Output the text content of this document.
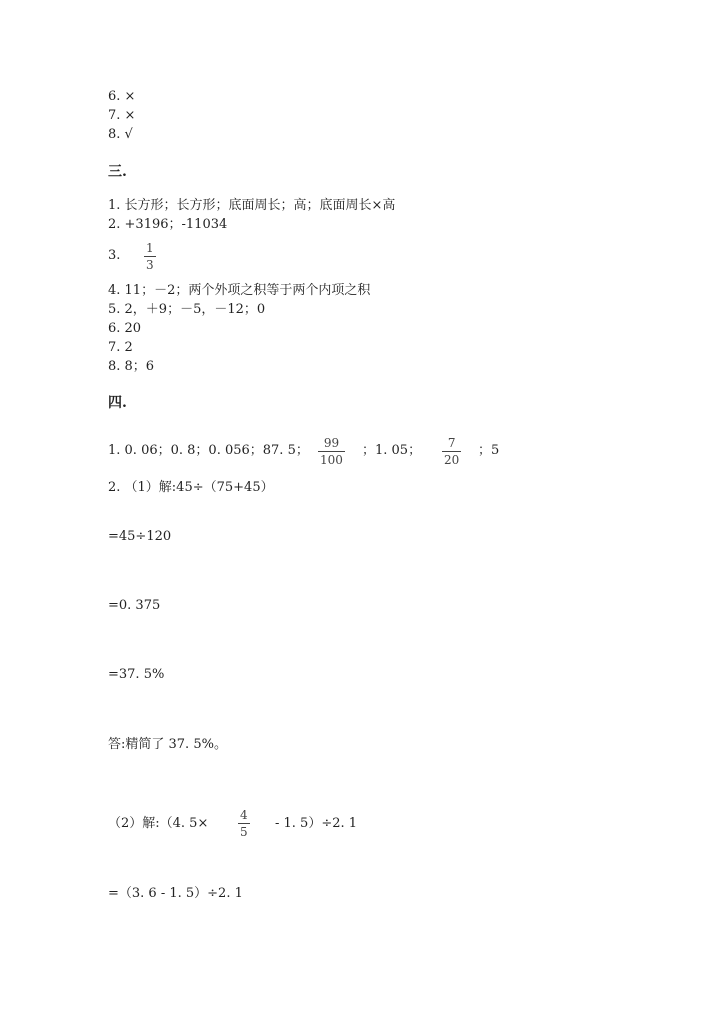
6. ×
7. ×
8. √
三.
1. 长方形；长方形；底面周长；高；底面周长×高
2. +3196；-11034
3. 1
3
4. 11；－2；两个外项之积等于两个内项之积
5. 2，＋9；－5，－12；0
6. 20
7. 2
8. 8；6
四.
1. 0. 06；0. 8；0. 056；87. 5； 99
100
；1. 05； 7
20
；5
2. （1）解:45÷（75+45）
=45÷120
=0. 375
=37. 5%
答:精简了 37. 5%。
（2）解:（4. 5×
4
5
- 1. 5）÷2. 1
=（3. 6 - 1. 5）÷2. 1
